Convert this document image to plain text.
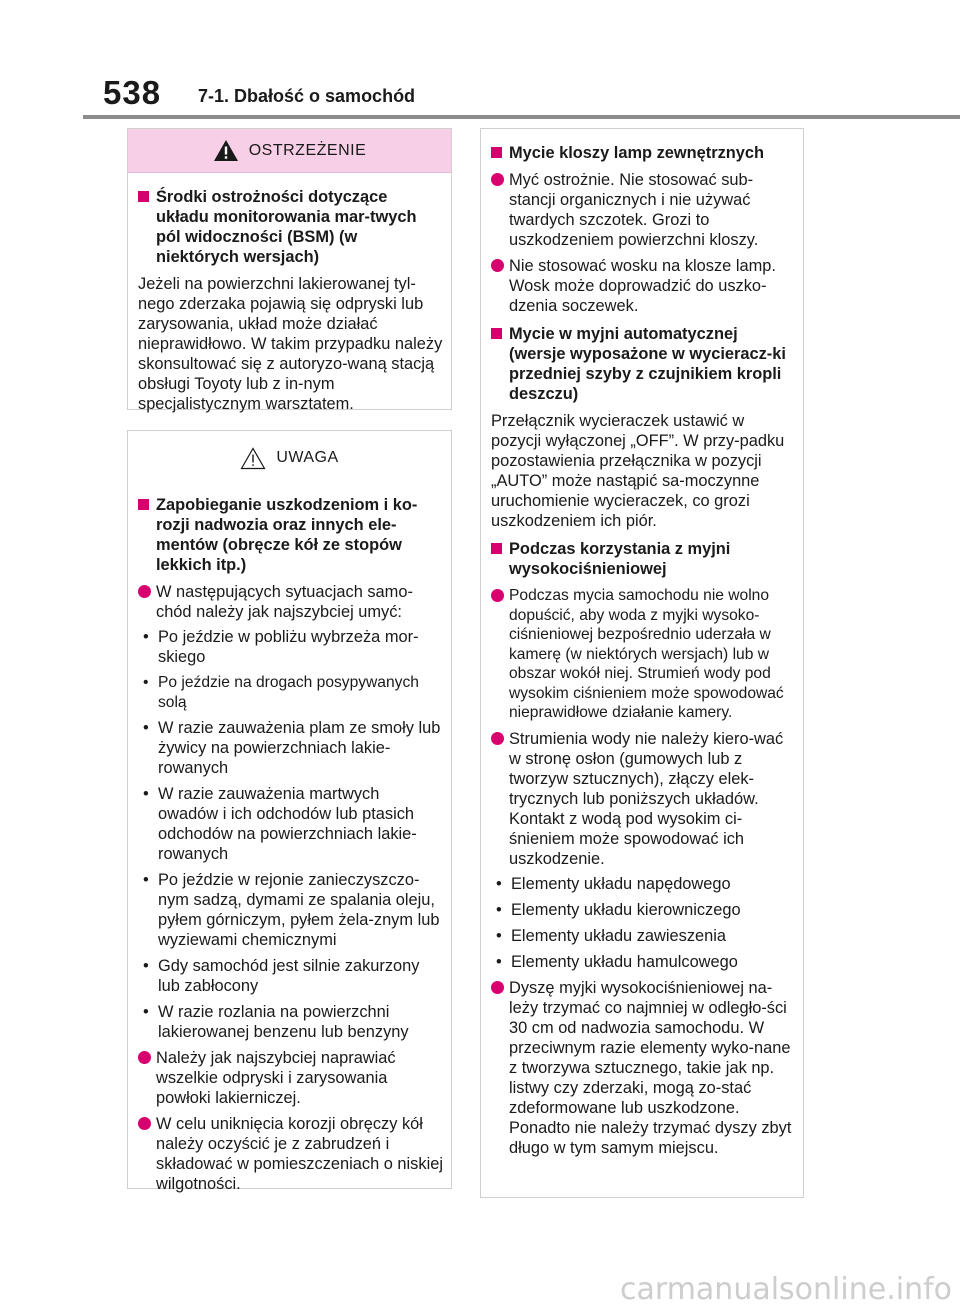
538 7-1. Dbałość o samochód
OSTRZEŻENIE
Środki ostrożności dotyczące układu monitorowania mar-twych pól widoczności (BSM) (w niektórych wersjach)
Jeżeli na powierzchni lakierowanej tyl-nego zderzaka pojawią się odpryski lub zarysowania, układ może działać nieprawidłowo. W takim przypadku należy skonsultować się z autoryzo-waną stacją obsługi Toyoty lub z in-nym specjalistycznym warsztatem.
UWAGA
Zapobieganie uszkodzeniom i ko-rozji nadwozia oraz innych ele-mentów (obręcze kół ze stopów lekkich itp.)
W następujących sytuacjach samo-chód należy jak najszybciej umyć:
• Po jeździe w pobliżu wybrzeża mor-skiego
• Po jeździe na drogach posypywanych solą
• W razie zauważenia plam ze smoły lub żywicy na powierzchniach lakie-rowanych
• W razie zauważenia martwych owadów i ich odchodów lub ptasich odchodów na powierzchniach lakie-rowanych
• Po jeździe w rejonie zanieczyszczo-nym sadzą, dymami ze spalania oleju, pyłem górniczym, pyłem żela-znym lub wyziewami chemicznymi
• Gdy samochód jest silnie zakurzony lub zabłocony
• W razie rozlania na powierzchni lakierowanej benzenu lub benzyny
Należy jak najszybciej naprawiać wszelkie odpryski i zarysowania powłoki lakierniczej.
W celu uniknięcia korozji obręczy kół należy oczyścić je z zabrudzeń i składować w pomieszczeniach o niskiej wilgotności.
Mycie kloszy lamp zewnętrznych
Myć ostrożnie. Nie stosować sub-stancji organicznych i nie używać twardych szczotek. Grozi to uszkodzeniem powierzchni kloszy.
Nie stosować wosku na klosze lamp. Wosk może doprowadzić do uszko-dzenia soczewek.
Mycie w myjni automatycznej (wersje wyposażone w wycieracz-ki przedniej szyby z czujnikiem kropli deszczu)
Przełącznik wycieraczek ustawić w pozycji wyłączonej „OFF”. W przy-padku pozostawienia przełącznika w pozycji „AUTO” może nastąpić sa-moczynne uruchomienie wycieraczek, co grozi uszkodzeniem ich piór.
Podczas korzystania z myjni wysokociśnieniowej
Podczas mycia samochodu nie wolno dopuścić, aby woda z myjki wysoko-ciśnieniowej bezpośrednio uderzała w kamerę (w niektórych wersjach) lub w obszar wokół niej. Strumień wody pod wysokim ciśnieniem może spowodować nieprawidłowe działanie kamery.
Strumienia wody nie należy kiero-wać w stronę osłon (gumowych lub z tworzyw sztucznych), złączy elek-trycznych lub poniższych układów. Kontakt z wodą pod wysokim ci-śnieniem może spowodować ich uszkodzenie.
• Elementy układu napędowego
• Elementy układu kierowniczego
• Elementy układu zawieszenia
• Elementy układu hamulcowego
Dyszę myjki wysokociśnieniowej na-leży trzymać co najmniej w odległo-ści 30 cm od nadwozia samochodu. W przeciwnym razie elementy wyko-nane z tworzywa sztucznego, takie jak np. listwy czy zderzaki, mogą zo-stać zdeformowane lub uszkodzone. Ponadto nie należy trzymać dyszy zbyt długo w tym samym miejscu.
carmanualsonline.info
